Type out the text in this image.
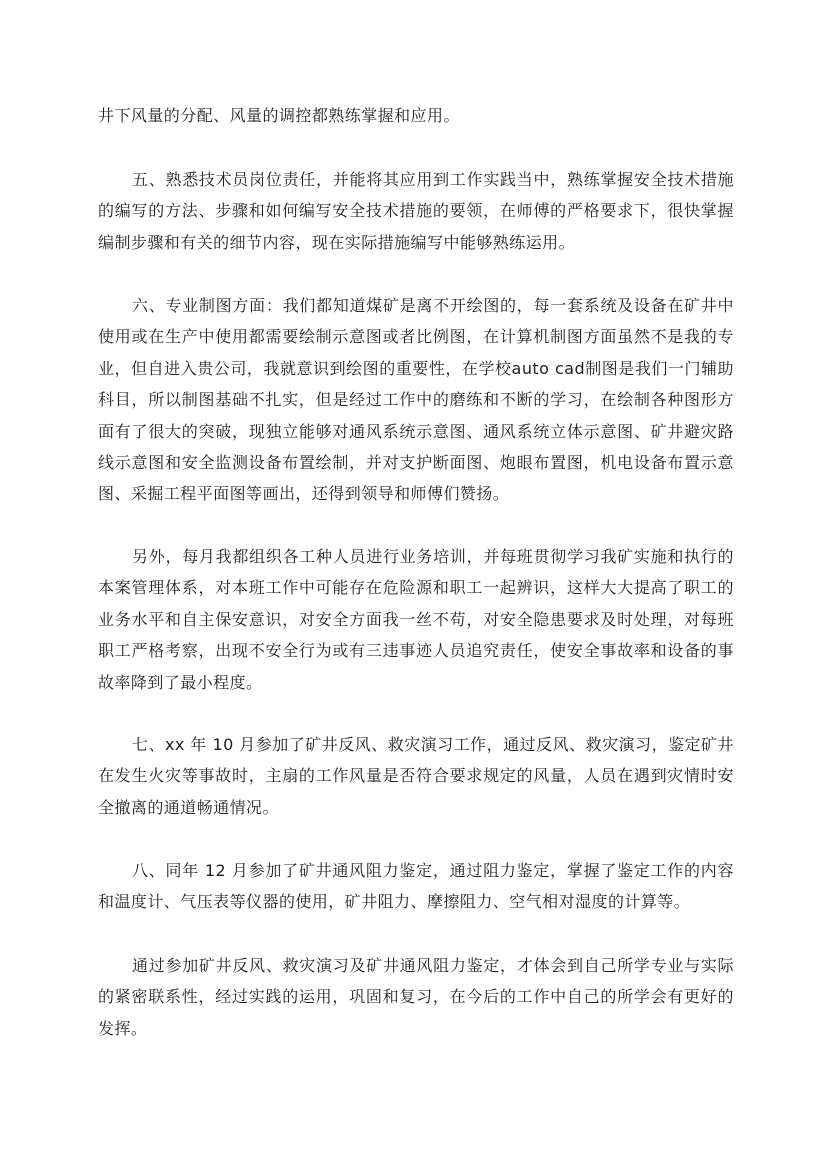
井下风量的分配、风量的调控都熟练掌握和应用。

五、熟悉技术员岗位责任，并能将其应用到工作实践当中，熟练掌握安全技术措施的编写的方法、步骤和如何编写安全技术措施的要领，在师傅的严格要求下，很快掌握编制步骤和有关的细节内容，现在实际措施编写中能够熟练运用。

六、专业制图方面：我们都知道煤矿是离不开绘图的，每一套系统及设备在矿井中使用或在生产中使用都需要绘制示意图或者比例图，在计算机制图方面虽然不是我的专业，但自进入贵公司，我就意识到绘图的重要性，在学校auto cad制图是我们一门辅助科目，所以制图基础不扎实，但是经过工作中的磨练和不断的学习，在绘制各种图形方面有了很大的突破，现独立能够对通风系统示意图、通风系统立体示意图、矿井避灾路线示意图和安全监测设备布置绘制，并对支护断面图、炮眼布置图，机电设备布置示意图、采掘工程平面图等画出，还得到领导和师傅们赞扬。

另外，每月我都组织各工种人员进行业务培训，并每班贯彻学习我矿实施和执行的本案管理体系，对本班工作中可能存在危险源和职工一起辨识，这样大大提高了职工的业务水平和自主保安意识，对安全方面我一丝不苟，对安全隐患要求及时处理，对每班职工严格考察，出现不安全行为或有三违事迹人员追究责任，使安全事故率和设备的事故率降到了最小程度。

七、xx 年 10 月参加了矿井反风、救灾演习工作，通过反风、救灾演习，鉴定矿井在发生火灾等事故时，主扇的工作风量是否符合要求规定的风量，人员在遇到灾情时安全撤离的通道畅通情况。

八、同年 12 月参加了矿井通风阻力鉴定，通过阻力鉴定，掌握了鉴定工作的内容和温度计、气压表等仪器的使用，矿井阻力、摩擦阻力、空气相对湿度的计算等。

通过参加矿井反风、救灾演习及矿井通风阻力鉴定，才体会到自己所学专业与实际的紧密联系性，经过实践的运用，巩固和复习，在今后的工作中自己的所学会有更好的发挥。
